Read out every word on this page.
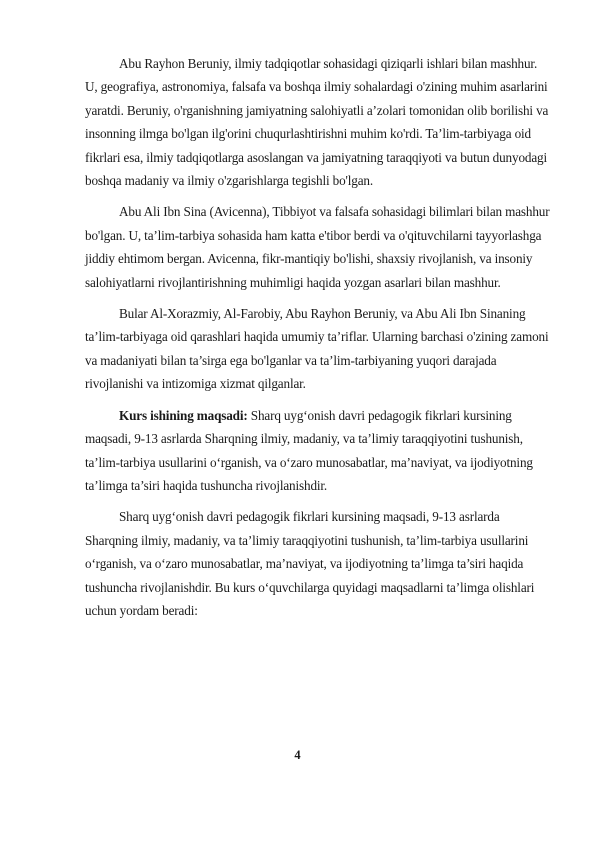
Abu Rayhon Beruniy, ilmiy tadqiqotlar sohasidagi qiziqarli ishlari bilan mashhur. U, geografiya, astronomiya, falsafa va boshqa ilmiy sohalardagi o'zining muhim asarlarini yaratdi. Beruniy, o'rganishning jamiyatning salohiyatli a’zolari tomonidan olib borilishi va insonning ilmga bo'lgan ilg'orini chuqurlashtirishni muhim ko'rdi. Ta’lim-tarbiyaga oid fikrlari esa, ilmiy tadqiqotlarga asoslangan va jamiyatning taraqqiyoti va butun dunyodagi boshqa madaniy va ilmiy o'zgarishlarga tegishli bo'lgan.

Abu Ali Ibn Sina (Avicenna), Tibbiyot va falsafa sohasidagi bilimlari bilan mashhur bo'lgan. U, ta’lim-tarbiya sohasida ham katta e'tibor berdi va o'qituvchilarni tayyorlashga jiddiy ehtimom bergan. Avicenna, fikr-mantiqiy bo'lishi, shaxsiy rivojlanish, va insoniy salohiyatlarni rivojlantirishning muhimligi haqida yozgan asarlari bilan mashhur.

Bular Al-Xorazmiy, Al-Farobiy, Abu Rayhon Beruniy, va Abu Ali Ibn Sinaning ta’lim-tarbiyaga oid qarashlari haqida umumiy ta’riflar. Ularning barchasi o'zining zamoni va madaniyati bilan ta’sirga ega bo'lganlar va ta’lim-tarbiyaning yuqori darajada rivojlanishi va intizomiga xizmat qilganlar.

Kurs ishining maqsadi: Sharq uyg‘onish davri pedagogik fikrlari kursining maqsadi, 9-13 asrlarda Sharqning ilmiy, madaniy, va ta’limiy taraqqiyotini tushunish, ta’lim-tarbiya usullarini o‘rganish, va o‘zaro munosabatlar, ma’naviyat, va ijodiyotning ta’limga ta’siri haqida tushuncha rivojlanishdir.

Sharq uyg‘onish davri pedagogik fikrlari kursining maqsadi, 9-13 asrlarda Sharqning ilmiy, madaniy, va ta’limiy taraqqiyotini tushunish, ta’lim-tarbiya usullarini o‘rganish, va o‘zaro munosabatlar, ma’naviyat, va ijodiyotning ta’limga ta’siri haqida tushuncha rivojlanishdir. Bu kurs o‘quvchilarga quyidagi maqsadlarni ta’limga olishlari uchun yordam beradi:

4
